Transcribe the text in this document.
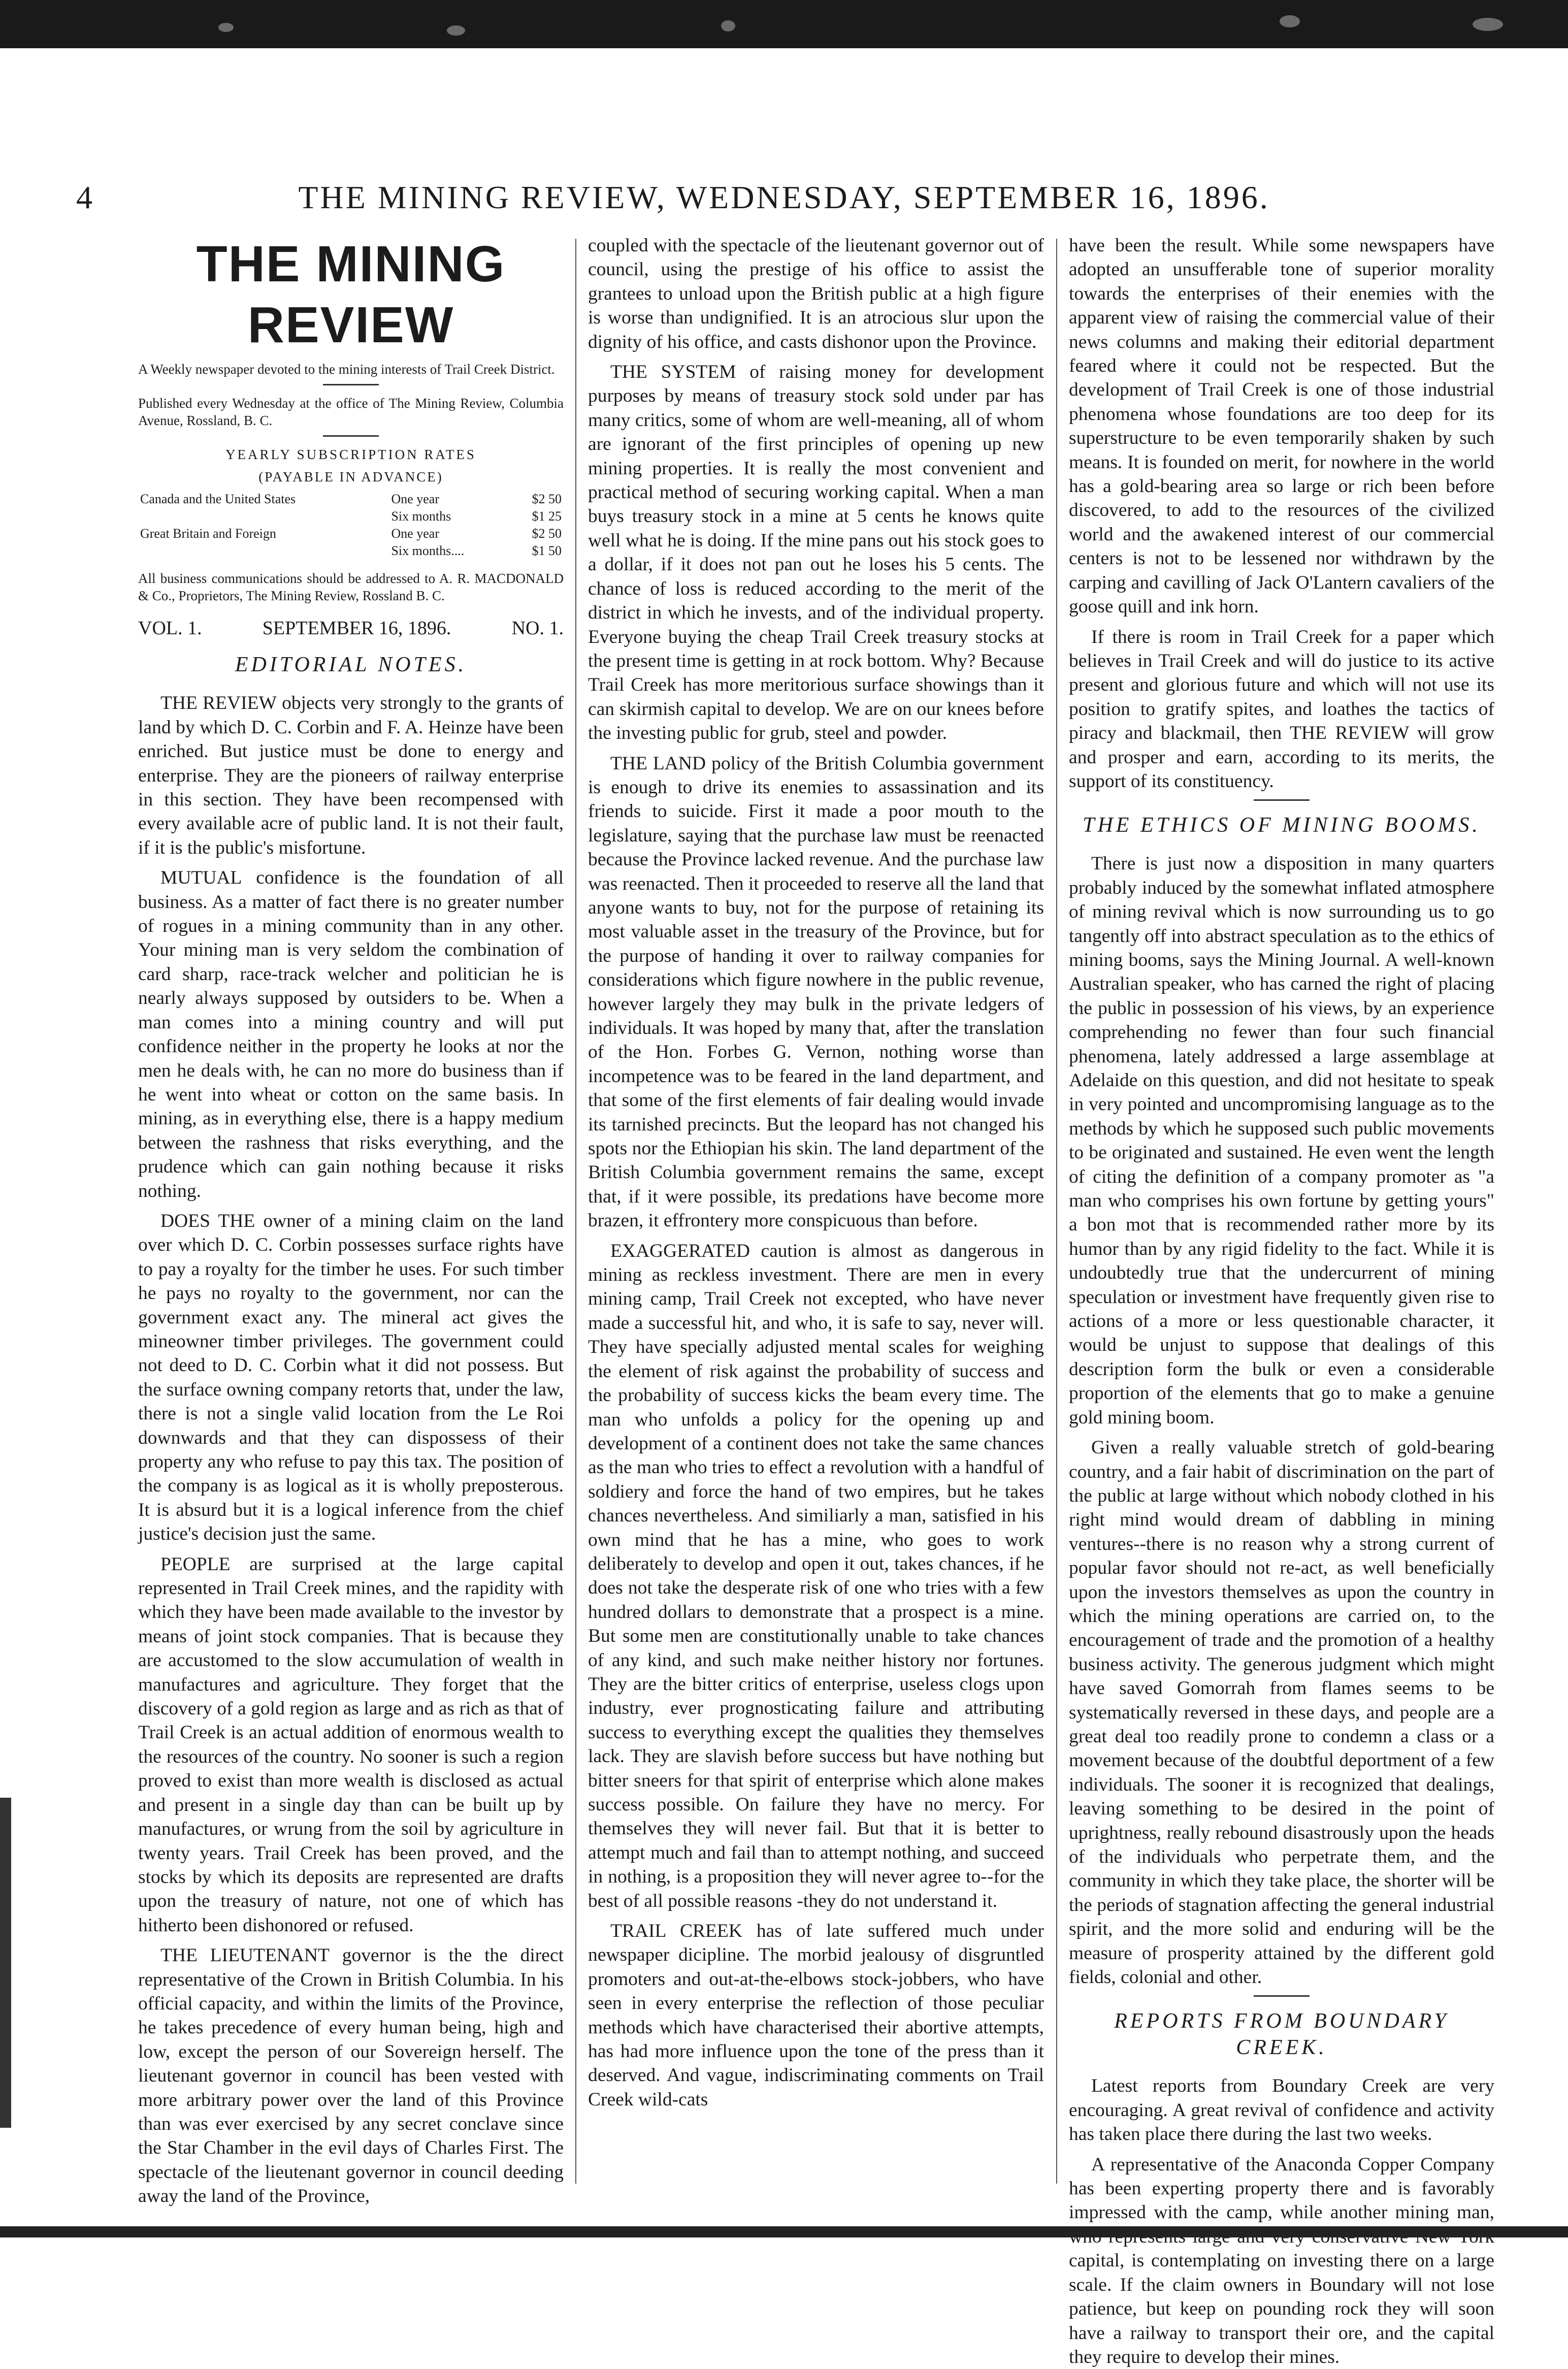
4	THE MINING REVIEW, WEDNESDAY, SEPTEMBER 16, 1896.
THE MINING REVIEW

A Weekly newspaper devoted to the mining interests of Trail Creek District.

Published every Wednesday at the office of The Mining Review, Columbia Avenue, Rossland, B. C.

YEARLY SUBSCRIPTION RATES
(PAYABLE IN ADVANCE)
Canada and the United States	One year	$2 50
	Six months	$1 25
Great Britain and Foreign	One year	$2 50
	Six months....	$1 50

All business communications should be addressed to A. R. MACDONALD & Co., Proprietors, The Mining Review, Rossland B. C.

VOL. 1.	SEPTEMBER 16, 1896.	NO. 1.
EDITORIAL NOTES.

THE REVIEW objects very strongly to the grants of land by which D. C. Corbin and F. A. Heinze have been enriched. But justice must be done to energy and enterprise. They are the pioneers of railway enterprise in this section. They have been recompensed with every available acre of public land. It is not their fault, if it is the public's misfortune.

MUTUAL confidence is the foundation of all business. As a matter of fact there is no greater number of rogues in a mining community than in any other. Your mining man is very seldom the combination of card sharp, race-track welcher and politician he is nearly always supposed by outsiders to be. When a man comes into a mining country and will put confidence neither in the property he looks at nor the men he deals with, he can no more do business than if he went into wheat or cotton on the same basis. In mining, as in everything else, there is a happy medium between the rashness that risks everything, and the prudence which can gain nothing because it risks nothing.

DOES THE owner of a mining claim on the land over which D. C. Corbin possesses surface rights have to pay a royalty for the timber he uses. For such timber he pays no royalty to the government, nor can the government exact any. The mineral act gives the mineowner timber privileges. The government could not deed to D. C. Corbin what it did not possess. But the surface owning company retorts that, under the law, there is not a single valid location from the Le Roi downwards and that they can dispossess of their property any who refuse to pay this tax. The position of the company is as logical as it is wholly preposterous. It is absurd but it is a logical inference from the chief justice's decision just the same.

PEOPLE are surprised at the large capital represented in Trail Creek mines, and the rapidity with which they have been made available to the investor by means of joint stock companies. That is because they are accustomed to the slow accumulation of wealth in manufactures and agriculture. They forget that the discovery of a gold region as large and as rich as that of Trail Creek is an actual addition of enormous wealth to the resources of the country. No sooner is such a region proved to exist than more wealth is disclosed as actual and present in a single day than can be built up by manufactures, or wrung from the soil by agriculture in twenty years. Trail Creek has been proved, and the stocks by which its deposits are represented are drafts upon the treasury of nature, not one of which has hitherto been dishonored or refused.

THE LIEUTENANT governor is the the direct representative of the Crown in British Columbia. In his official capacity, and within the limits of the Province, he takes precedence of every human being, high and low, except the person of our Sovereign herself. The lieutenant governor in council has been vested with more arbitrary power over the land of this Province than was ever exercised by any secret conclave since the Star Chamber in the evil days of Charles First. The spectacle of the lieutenant governor in council deeding away the land of the Province,

coupled with the spectacle of the lieutenant governor out of council, using the prestige of his office to assist the grantees to unload upon the British public at a high figure is worse than undignified. It is an atrocious slur upon the dignity of his office, and casts dishonor upon the Province.

THE SYSTEM of raising money for development purposes by means of treasury stock sold under par has many critics, some of whom are well-meaning, all of whom are ignorant of the first principles of opening up new mining properties. It is really the most convenient and practical method of securing working capital. When a man buys treasury stock in a mine at 5 cents he knows quite well what he is doing. If the mine pans out his stock goes to a dollar, if it does not pan out he loses his 5 cents. The chance of loss is reduced according to the merit of the district in which he invests, and of the individual property. Everyone buying the cheap Trail Creek treasury stocks at the present time is getting in at rock bottom. Why? Because Trail Creek has more meritorious surface showings than it can skirmish capital to develop. We are on our knees before the investing public for grub, steel and powder.

THE LAND policy of the British Columbia government is enough to drive its enemies to assassination and its friends to suicide. First it made a poor mouth to the legislature, saying that the purchase law must be reenacted because the Province lacked revenue. And the purchase law was reenacted. Then it proceeded to reserve all the land that anyone wants to buy, not for the purpose of retaining its most valuable asset in the treasury of the Province, but for the purpose of handing it over to railway companies for considerations which figure nowhere in the public revenue, however largely they may bulk in the private ledgers of individuals. It was hoped by many that, after the translation of the Hon. Forbes G. Vernon, nothing worse than incompetence was to be feared in the land department, and that some of the first elements of fair dealing would invade its tarnished precincts. But the leopard has not changed his spots nor the Ethiopian his skin. The land department of the British Columbia government remains the same, except that, if it were possible, its predations have become more brazen, it effrontery more conspicuous than before.

EXAGGERATED caution is almost as dangerous in mining as reckless investment. There are men in every mining camp, Trail Creek not excepted, who have never made a successful hit, and who, it is safe to say, never will. They have specially adjusted mental scales for weighing the element of risk against the probability of success and the probability of success kicks the beam every time. The man who unfolds a policy for the opening up and development of a continent does not take the same chances as the man who tries to effect a revolution with a handful of soldiery and force the hand of two empires, but he takes chances nevertheless. And similiarly a man, satisfied in his own mind that he has a mine, who goes to work deliberately to develop and open it out, takes chances, if he does not take the desperate risk of one who tries with a few hundred dollars to demonstrate that a prospect is a mine. But some men are constitutionally unable to take chances of any kind, and such make neither history nor fortunes. They are the bitter critics of enterprise, useless clogs upon industry, ever prognosticating failure and attributing success to everything except the qualities they themselves lack. They are slavish before success but have nothing but bitter sneers for that spirit of enterprise which alone makes success possible. On failure they have no mercy. For themselves they will never fail. But that it is better to attempt much and fail than to attempt nothing, and succeed in nothing, is a proposition they will never agree to--for the best of all possible reasons -they do not understand it.

TRAIL CREEK has of late suffered much under newspaper dicipline. The morbid jealousy of disgruntled promoters and out-at-the-elbows stock-jobbers, who have seen in every enterprise the reflection of those peculiar methods which have characterised their abortive attempts, has had more influence upon the tone of the press than it deserved. And vague, indiscriminating comments on Trail Creek wild-cats

have been the result. While some newspapers have adopted an unsufferable tone of superior morality towards the enterprises of their enemies with the apparent view of raising the commercial value of their news columns and making their editorial department feared where it could not be respected. But the development of Trail Creek is one of those industrial phenomena whose foundations are too deep for its superstructure to be even temporarily shaken by such means. It is founded on merit, for nowhere in the world has a gold-bearing area so large or rich been before discovered, to add to the resources of the civilized world and the awakened interest of our commercial centers is not to be lessened nor withdrawn by the carping and cavilling of Jack O'Lantern cavaliers of the goose quill and ink horn.

If there is room in Trail Creek for a paper which believes in Trail Creek and will do justice to its active present and glorious future and which will not use its position to gratify spites, and loathes the tactics of piracy and blackmail, then THE REVIEW will grow and prosper and earn, according to its merits, the support of its constituency.

THE ETHICS OF MINING BOOMS.

There is just now a disposition in many quarters probably induced by the somewhat inflated atmosphere of mining revival which is now surrounding us to go tangently off into abstract speculation as to the ethics of mining booms, says the Mining Journal. A well-known Australian speaker, who has carned the right of placing the public in possession of his views, by an experience comprehending no fewer than four such financial phenomena, lately addressed a large assemblage at Adelaide on this question, and did not hesitate to speak in very pointed and uncompromising language as to the methods by which he supposed such public movements to be originated and sustained. He even went the length of citing the definition of a company promoter as "a man who comprises his own fortune by getting yours" a bon mot that is recommended rather more by its humor than by any rigid fidelity to the fact. While it is undoubtedly true that the undercurrent of mining speculation or investment have frequently given rise to actions of a more or less questionable character, it would be unjust to suppose that dealings of this description form the bulk or even a considerable proportion of the elements that go to make a genuine gold mining boom.

Given a really valuable stretch of gold-bearing country, and a fair habit of discrimination on the part of the public at large without which nobody clothed in his right mind would dream of dabbling in mining ventures--there is no reason why a strong current of popular favor should not re-act, as well beneficially upon the investors themselves as upon the country in which the mining operations are carried on, to the encouragement of trade and the promotion of a healthy business activity. The generous judgment which might have saved Gomorrah from flames seems to be systematically reversed in these days, and people are a great deal too readily prone to condemn a class or a movement because of the doubtful deportment of a few individuals. The sooner it is recognized that dealings, leaving something to be desired in the point of uprightness, really rebound disastrously upon the heads of the individuals who perpetrate them, and the community in which they take place, the shorter will be the periods of stagnation affecting the general industrial spirit, and the more solid and enduring will be the measure of prosperity attained by the different gold fields, colonial and other.

REPORTS FROM BOUNDARY CREEK.

Latest reports from Boundary Creek are very encouraging. A great revival of confidence and activity has taken place there during the last two weeks.

A representative of the Anaconda Copper Company has been experting property there and is favorably impressed with the camp, while another mining man, capital, is contemplating on investing there on a large scale. If the claim owners in Boundary will not lose patience, but keep on pounding rock they will soon have a railway to transport their ore, and the capital they require to develop their mines.
